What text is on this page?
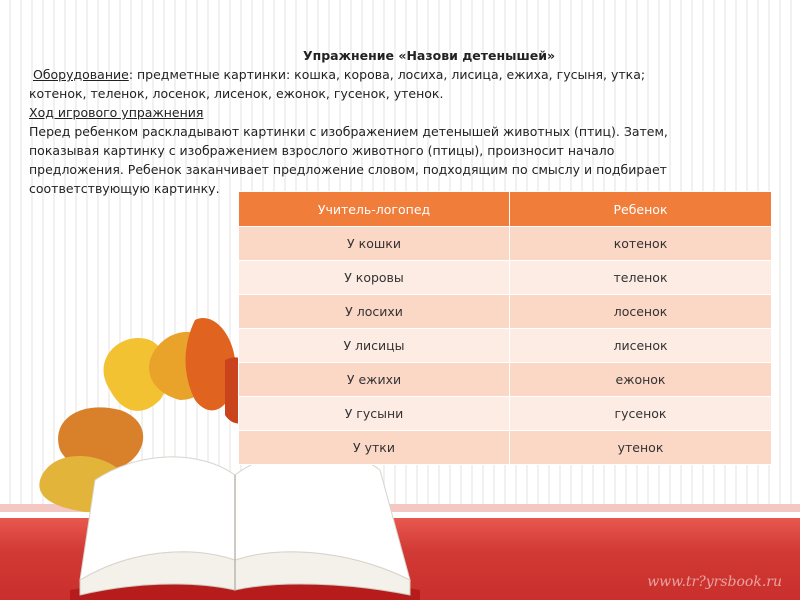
www.tr?yrsbook.ru

Упражнение «Назови детенышей»

Оборудование: предметные картинки: кошка, корова, лосиха, лисица, ежиха, гусыня, утка;

котенок, теленок, лосенок, лисенок, ежонок, гусенок, утенок.

Ход игрового упражнения

Перед ребенком раскладывают картинки с изображением детенышей животных (птиц). Затем,

показывая картинку с изображением взрослого животного (птицы), произносит начало

предложения. Ребенок заканчивает предложение словом, подходящим по смыслу и подбирает

соответствующую картинку.

Учитель-логопед	Ребенок
У кошки	котенок
У коровы	теленок
У лосихи	лосенок
У лисицы	лисенок
У ежихи	ежонок
У гусыни	гусенок
У утки	утенок
